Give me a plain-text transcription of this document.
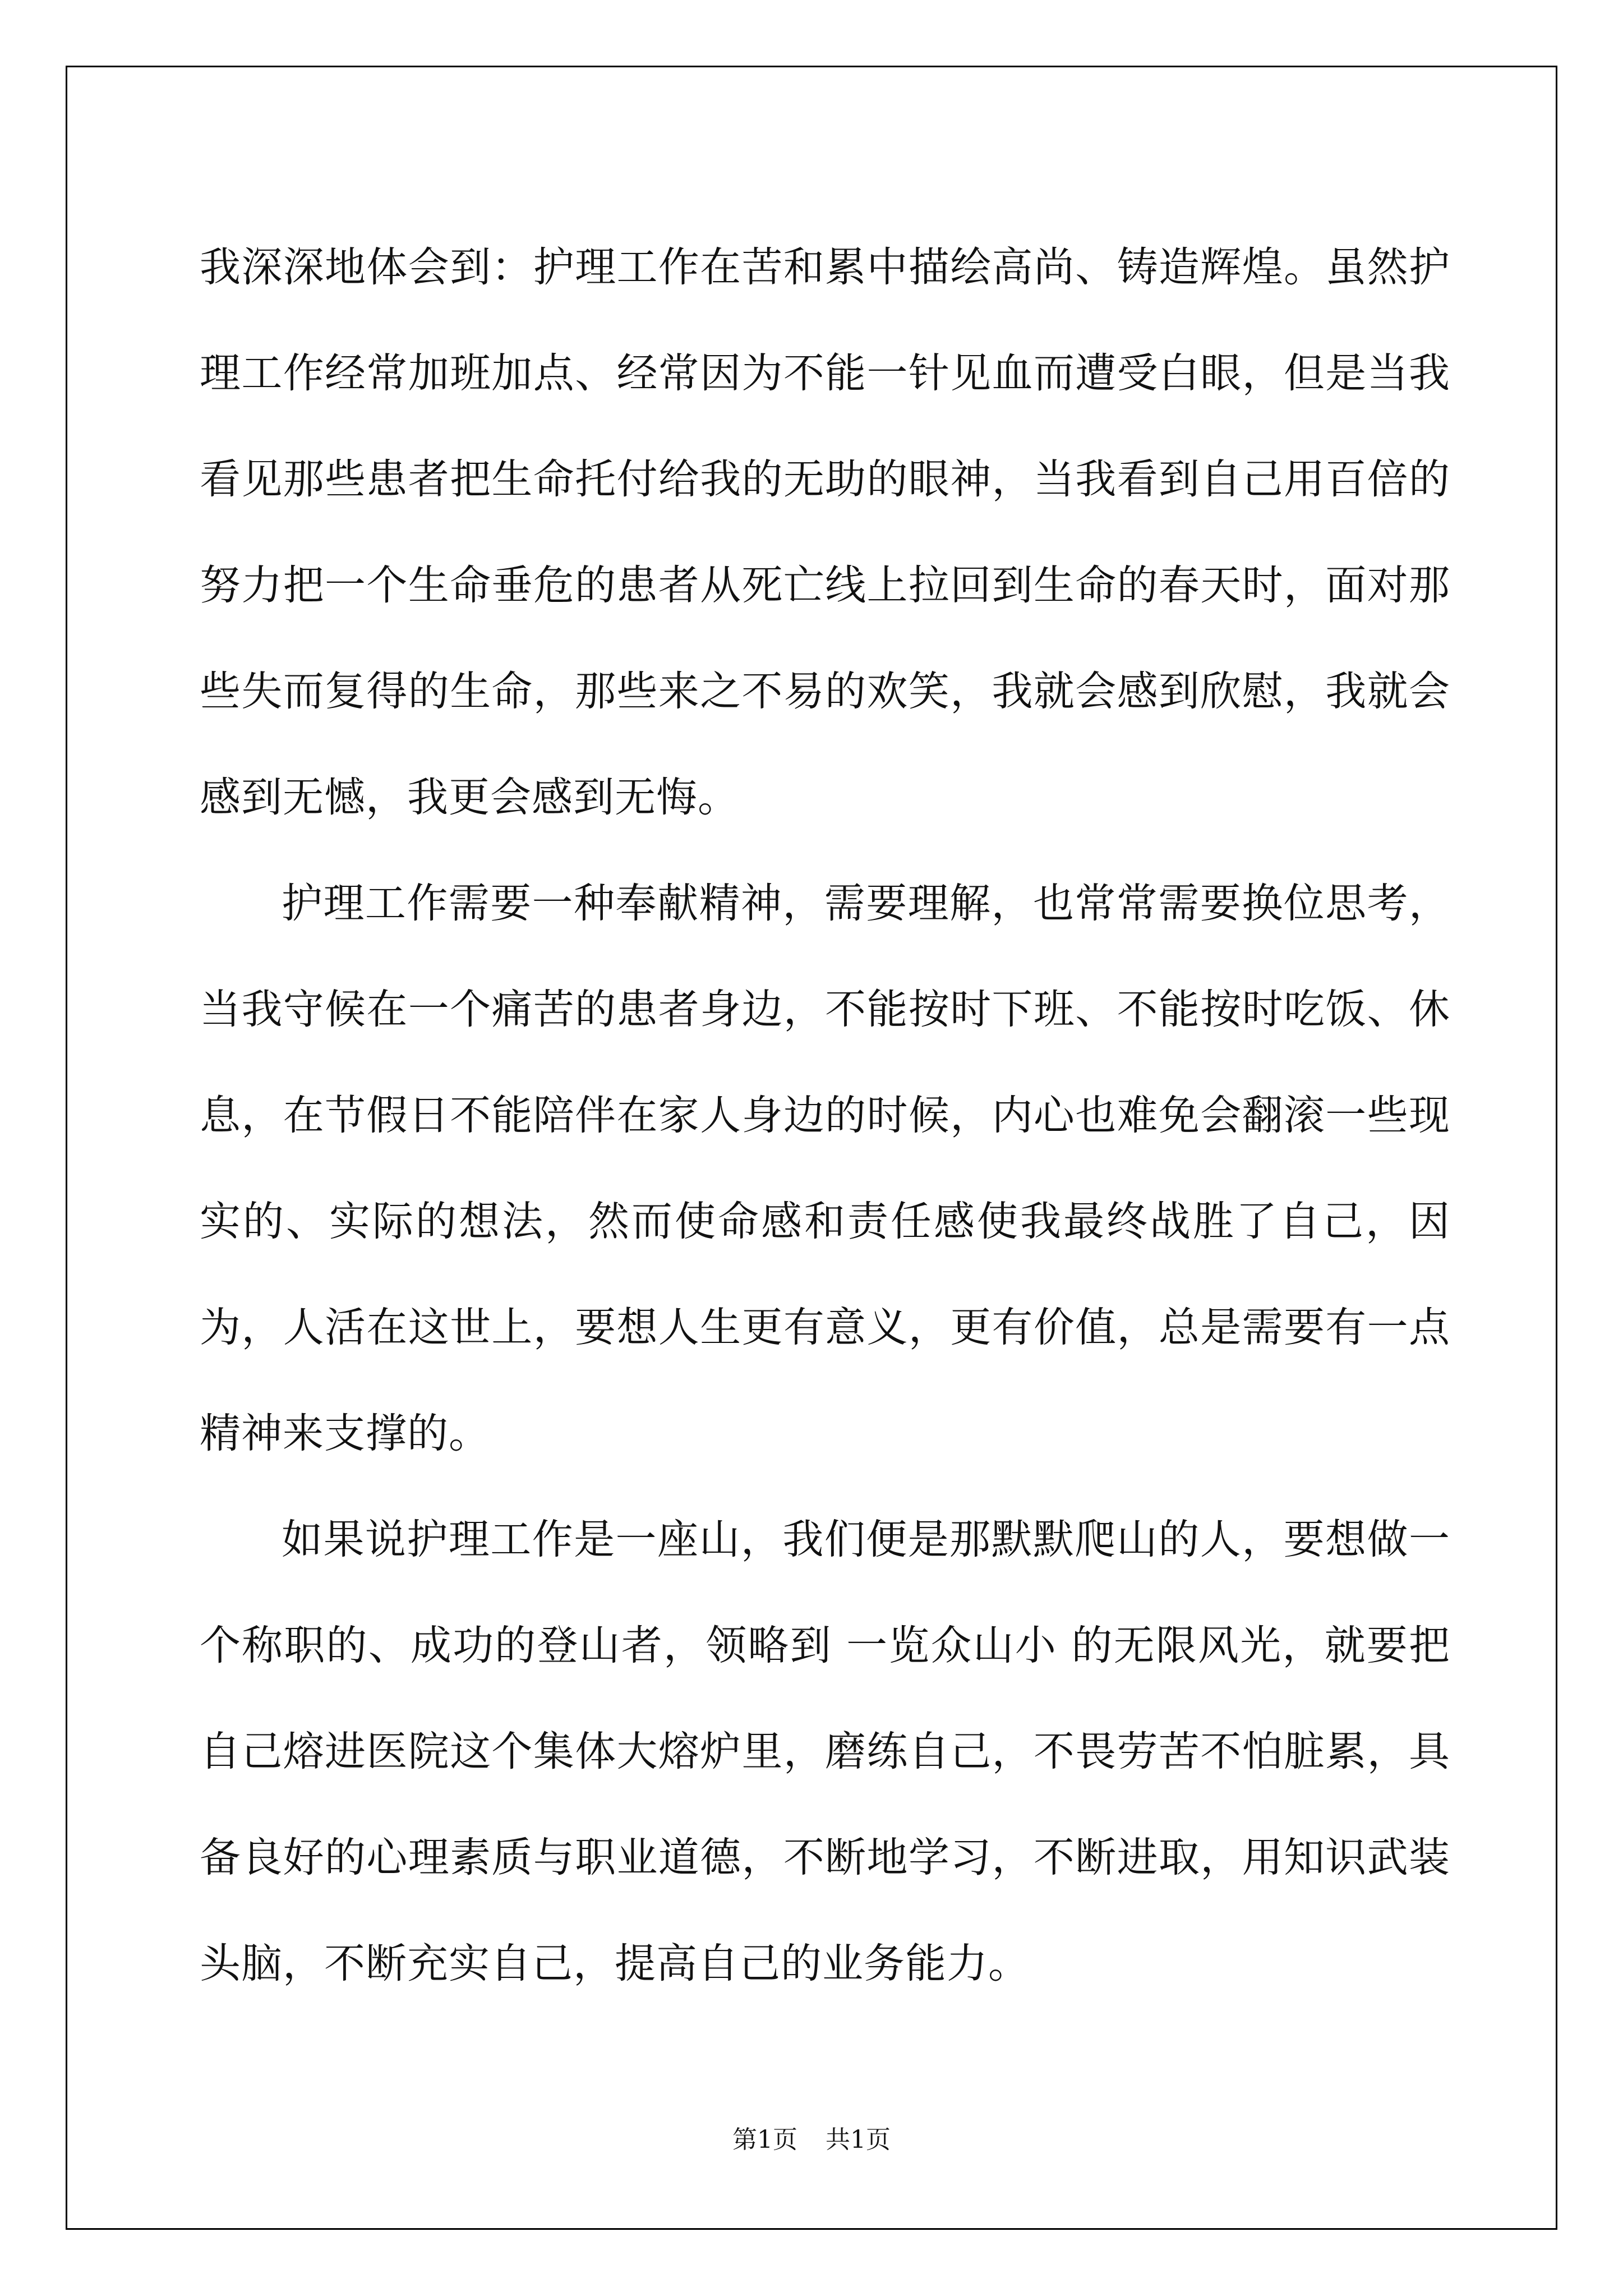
我深深地体会到：护理工作在苦和累中描绘高尚、铸造辉煌。虽然护理工作经常加班加点、经常因为不能一针见血而遭受白眼，但是当我看见那些患者把生命托付给我的无助的眼神，当我看到自己用百倍的努力把一个生命垂危的患者从死亡线上拉回到生命的春天时，面对那些失而复得的生命，那些来之不易的欢笑，我就会感到欣慰，我就会感到无憾，我更会感到无悔。

护理工作需要一种奉献精神，需要理解，也常常需要换位思考，当我守候在一个痛苦的患者身边，不能按时下班、不能按时吃饭、休息，在节假日不能陪伴在家人身边的时候，内心也难免会翻滚一些现实的、实际的想法，然而使命感和责任感使我最终战胜了自己，因为，人活在这世上，要想人生更有意义，更有价值，总是需要有一点精神来支撑的。

如果说护理工作是一座山，我们便是那默默爬山的人，要想做一个称职的、成功的登山者，领略到 一览众山小 的无限风光，就要把自己熔进医院这个集体大熔炉里，磨练自己，不畏劳苦不怕脏累，具备良好的心理素质与职业道德，不断地学习，不断进取，用知识武装头脑，不断充实自己，提高自己的业务能力。

第1页 共1页
